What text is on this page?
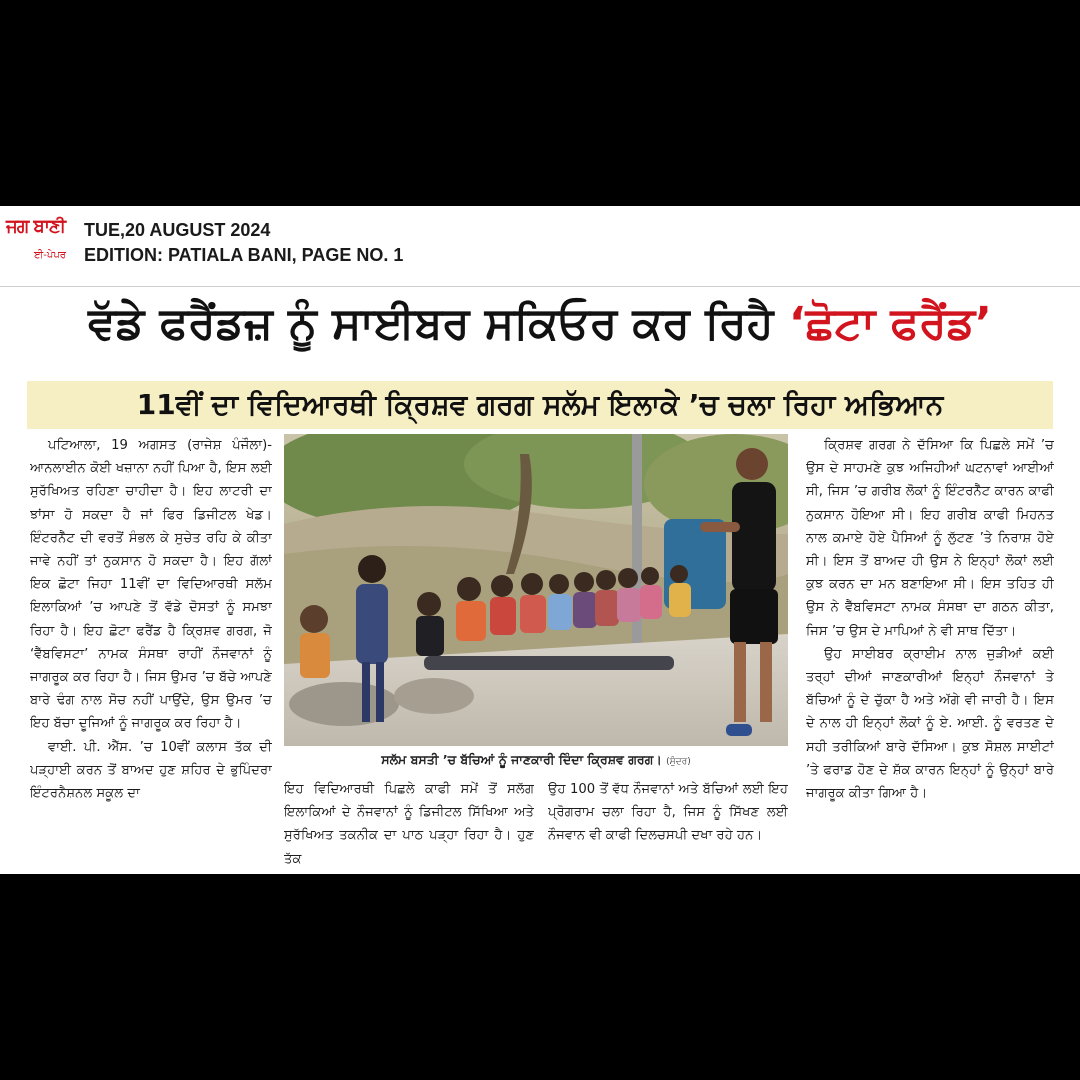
ਜਗ ਬਾਣੀ
ਈ-ਪੇਪਰ
TUE,20 AUGUST 2024
EDITION: PATIALA BANI, PAGE NO. 1
ਵੱਡੇ ਫਰੈਂਡਜ਼ ਨੂੰ ਸਾਈਬਰ ਸਕਿਓਰ ਕਰ ਰਿਹੈ ‘ਛੋਟਾ ਫਰੈਂਡ’
11ਵੀਂ ਦਾ ਵਿਦਿਆਰਥੀ ਕ੍ਰਿਸ਼ਵ ਗਰਗ ਸਲੱਮ ਇਲਾਕੇ ’ਚ ਚਲਾ ਰਿਹਾ ਅਭਿਆਨ

ਪਟਿਆਲਾ, 19 ਅਗਸਤ (ਰਾਜੇਸ਼ ਪੰਜੌਲਾ)- ਆਨਲਾਈਨ ਕੋਈ ਖਜ਼ਾਨਾ ਨਹੀਂ ਪਿਆ ਹੈ, ਇਸ ਲਈ ਸੁਰੱਖਿਅਤ ਰਹਿਣਾ ਚਾਹੀਦਾ ਹੈ। ਇਹ ਲਾਟਰੀ ਦਾ ਝਾਂਸਾ ਹੋ ਸਕਦਾ ਹੈ ਜਾਂ ਫਿਰ ਡਿਜੀਟਲ ਖੇਡ। ਇੰਟਰਨੈੱਟ ਦੀ ਵਰਤੋਂ ਸੰਭਲ ਕੇ ਸੁਚੇਤ ਰਹਿ ਕੇ ਕੀਤਾ ਜਾਵੇ ਨਹੀਂ ਤਾਂ ਨੁਕਸਾਨ ਹੋ ਸਕਦਾ ਹੈ। ਇਹ ਗੱਲਾਂ ਇਕ ਛੋਟਾ ਜਿਹਾ 11ਵੀਂ ਦਾ ਵਿਦਿਆਰਥੀ ਸਲੱਮ ਇਲਾਕਿਆਂ ’ਚ ਆਪਣੇ ਤੋਂ ਵੱਡੇ ਦੋਸਤਾਂ ਨੂੰ ਸਮਝਾ ਰਿਹਾ ਹੈ। ਇਹ ਛੋਟਾ ਫਰੈਂਡ ਹੈ ਕ੍ਰਿਸ਼ਵ ਗਰਗ, ਜੋ ‘ਵੈੱਬਵਿਸਟਾ’ ਨਾਮਕ ਸੰਸਥਾ ਰਾਹੀਂ ਨੌਜਵਾਨਾਂ ਨੂੰ ਜਾਗਰੂਕ ਕਰ ਰਿਹਾ ਹੈ। ਜਿਸ ਉਮਰ ’ਚ ਬੱਚੇ ਆਪਣੇ ਬਾਰੇ ਢੰਗ ਨਾਲ ਸੋਚ ਨਹੀਂ ਪਾਉਂਦੇ, ਉਸ ਉਮਰ ’ਚ ਇਹ ਬੱਚਾ ਦੂਜਿਆਂ ਨੂੰ ਜਾਗਰੂਕ ਕਰ ਰਿਹਾ ਹੈ।

ਵਾਈ. ਪੀ. ਐੱਸ. ’ਚ 10ਵੀਂ ਕਲਾਸ ਤੱਕ ਦੀ ਪੜ੍ਹਾਈ ਕਰਨ ਤੋਂ ਬਾਅਦ ਹੁਣ ਸ਼ਹਿਰ ਦੇ ਭੁਪਿੰਦਰਾ ਇੰਟਰਨੈਸ਼ਨਲ ਸਕੂਲ ਦਾ

ਸਲੱਮ ਬਸਤੀ ’ਚ ਬੱਚਿਆਂ ਨੂੰ ਜਾਣਕਾਰੀ ਦਿੰਦਾ ਕ੍ਰਿਸ਼ਵ ਗਰਗ। (ਸੁੰਦਰ)

ਇਹ ਵਿਦਿਆਰਥੀ ਪਿਛਲੇ ਕਾਫੀ ਸਮੇਂ ਤੋਂ ਸਲੱਗ ਇਲਾਕਿਆਂ ਦੇ ਨੌਜਵਾਨਾਂ ਨੂੰ ਡਿਜੀਟਲ ਸਿੱਖਿਆ ਅਤੇ ਸੁਰੱਖਿਅਤ ਤਕਨੀਕ ਦਾ ਪਾਠ ਪੜ੍ਹਾ ਰਿਹਾ ਹੈ। ਹੁਣ ਤੱਕ

ਉਹ 100 ਤੋਂ ਵੱਧ ਨੌਜਵਾਨਾਂ ਅਤੇ ਬੱਚਿਆਂ ਲਈ ਇਹ ਪ੍ਰੋਗਰਾਮ ਚਲਾ ਰਿਹਾ ਹੈ, ਜਿਸ ਨੂੰ ਸਿੱਖਣ ਲਈ ਨੌਜਵਾਨ ਵੀ ਕਾਫੀ ਦਿਲਚਸਪੀ ਦਖਾ ਰਹੇ ਹਨ।

ਕ੍ਰਿਸ਼ਵ ਗਰਗ ਨੇ ਦੱਸਿਆ ਕਿ ਪਿਛਲੇ ਸਮੇਂ ’ਚ ਉਸ ਦੇ ਸਾਹਮਣੇ ਕੁਝ ਅਜਿਹੀਆਂ ਘਟਨਾਵਾਂ ਆਈਆਂ ਸੀ, ਜਿਸ ’ਚ ਗਰੀਬ ਲੋਕਾਂ ਨੂੰ ਇੰਟਰਨੈੱਟ ਕਾਰਨ ਕਾਫੀ ਨੁਕਸਾਨ ਹੋਇਆ ਸੀ। ਇਹ ਗਰੀਬ ਕਾਫੀ ਮਿਹਨਤ ਨਾਲ ਕਮਾਏ ਹੋਏ ਪੈਸਿਆਂ ਨੂੰ ਲੁੱਟਣ ’ਤੇ ਨਿਰਾਸ਼ ਹੋਏ ਸੀ। ਇਸ ਤੋਂ ਬਾਅਦ ਹੀ ਉਸ ਨੇ ਇਨ੍ਹਾਂ ਲੋਕਾਂ ਲਈ ਕੁਝ ਕਰਨ ਦਾ ਮਨ ਬਣਾਇਆ ਸੀ। ਇਸ ਤਹਿਤ ਹੀ ਉਸ ਨੇ ਵੈੱਬਵਿਸਟਾ ਨਾਮਕ ਸੰਸਥਾ ਦਾ ਗਠਨ ਕੀਤਾ, ਜਿਸ ’ਚ ਉਸ ਦੇ ਮਾਪਿਆਂ ਨੇ ਵੀ ਸਾਥ ਦਿੱਤਾ।

ਉਹ ਸਾਈਬਰ ਕ੍ਰਾਈਮ ਨਾਲ ਜੁੜੀਆਂ ਕਈ ਤਰ੍ਹਾਂ ਦੀਆਂ ਜਾਣਕਾਰੀਆਂ ਇਨ੍ਹਾਂ ਨੌਜਵਾਨਾਂ ਤੇ ਬੱਚਿਆਂ ਨੂੰ ਦੇ ਚੁੱਕਾ ਹੈ ਅਤੇ ਅੱਗੇ ਵੀ ਜਾਰੀ ਹੈ। ਇਸ ਦੇ ਨਾਲ ਹੀ ਇਨ੍ਹਾਂ ਲੋਕਾਂ ਨੂੰ ਏ. ਆਈ. ਨੂੰ ਵਰਤਣ ਦੇ ਸਹੀ ਤਰੀਕਿਆਂ ਬਾਰੇ ਦੱਸਿਆ। ਕੁਝ ਸੋਸ਼ਲ ਸਾਈਟਾਂ ’ਤੇ ਫਰਾਡ ਹੋਣ ਦੇ ਸ਼ੱਕ ਕਾਰਨ ਇਨ੍ਹਾਂ ਨੂੰ ਉਨ੍ਹਾਂ ਬਾਰੇ ਜਾਗਰੂਕ ਕੀਤਾ ਗਿਆ ਹੈ।
